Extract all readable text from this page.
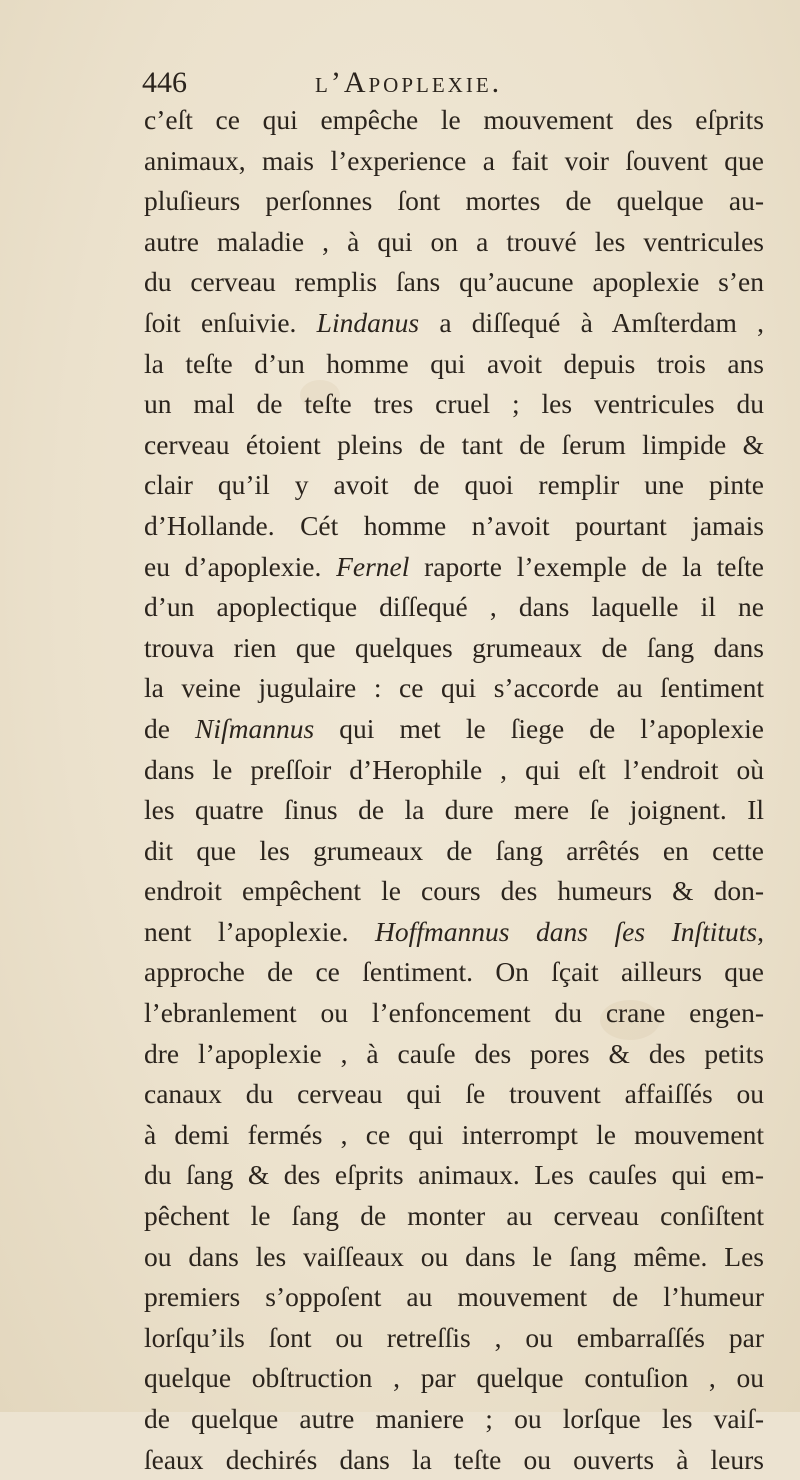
446	l’Apoplexie.
c’eſt ce qui empêche le mouvement des eſprits
animaux, mais l’experience a fait voir ſouvent que
pluſieurs perſonnes ſont mortes de quelque au-
autre maladie , à qui on a trouvé les ventricules
du cerveau remplis ſans qu’aucune apoplexie s’en
ſoit enſuivie. Lindanus a diſſequé à Amſterdam ,
la teſte d’un homme qui avoit depuis trois ans
un mal de teſte tres cruel ; les ventricules du
cerveau étoient pleins de tant de ſerum limpide &
clair qu’il y avoit de quoi remplir une pinte
d’Hollande. Cét homme n’avoit pourtant jamais
eu d’apoplexie. Fernel raporte l’exemple de la teſte
d’un apoplectique diſſequé , dans laquelle il ne
trouva rien que quelques grumeaux de ſang dans
la veine jugulaire : ce qui s’accorde au ſentiment
de Niſmannus qui met le ſiege de l’apoplexie
dans le preſſoir d’Herophile , qui eſt l’endroit où
les quatre ſinus de la dure mere ſe joignent. Il
dit que les grumeaux de ſang arrêtés en cette
endroit empêchent le cours des humeurs & don-
nent l’apoplexie. Hoffmannus dans ſes Inſtituts,
approche de ce ſentiment. On ſçait ailleurs que
l’ebranlement ou l’enfoncement du crane engen-
dre l’apoplexie , à cauſe des pores & des petits
canaux du cerveau qui ſe trouvent affaiſſés ou
à demi fermés , ce qui interrompt le mouvement
du ſang & des eſprits animaux. Les cauſes qui em-
pêchent le ſang de monter au cerveau conſiſtent
ou dans les vaiſſeaux ou dans le ſang même. Les
premiers s’oppoſent au mouvement de l’humeur
lorſqu’ils ſont ou retreſſis , ou embarraſſés par
quelque obſtruction , par quelque contuſion , ou
de quelque autre maniere ; ou lorſque les vaiſ-
ſeaux dechirés dans la teſte ou ouverts à leurs
